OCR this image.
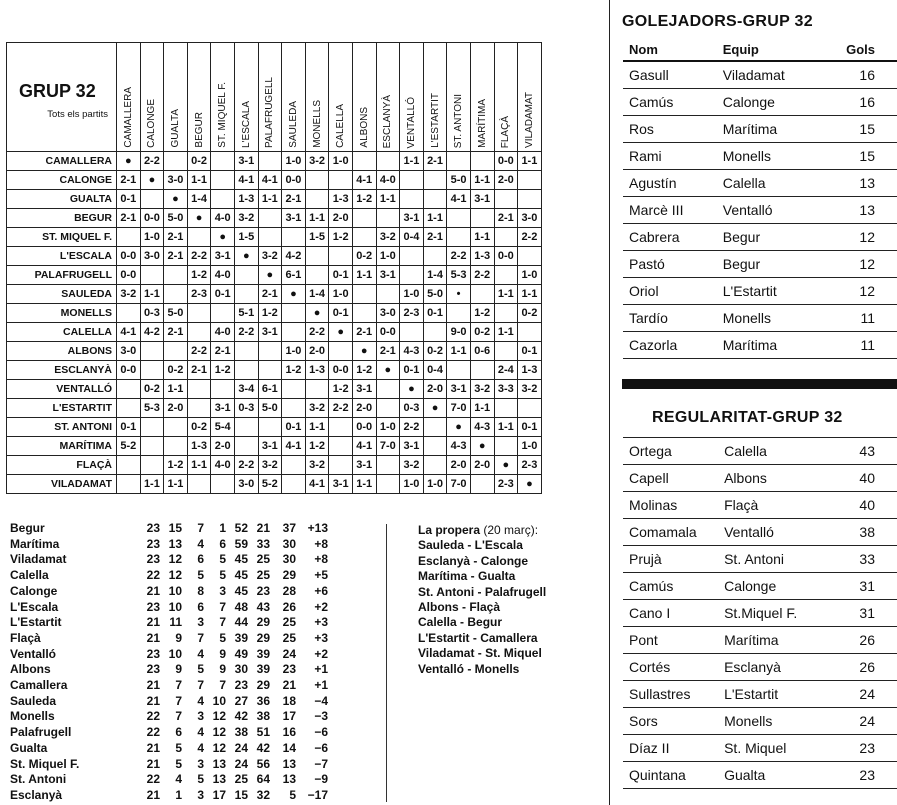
GRUP 32
Tots els partits	CAMALLERA	CALONGE	GUALTA	BEGUR	ST. MIQUEL F.	L'ESCALA	PALAFRUGELL	SAULEDA	MONELLS	CALELLA	ALBONS	ESCLANYÀ	VENTALLÓ	L'ESTARTIT	ST. ANTONI	MARÍTIMA	FLAÇÀ	VILADAMAT
CAMALLERA	●	2-2		0-2		3-1		1-0	3-2	1-0			1-1	2-1			0-0	1-1
CALONGE	2-1	●	3-0	1-1		4-1	4-1	0-0			4-1	4-0			5-0	1-1	2-0	
GUALTA	0-1		●	1-4		1-3	1-1	2-1		1-3	1-2	1-1			4-1	3-1		
BEGUR	2-1	0-0	5-0	●	4-0	3-2		3-1	1-1	2-0			3-1	1-1			2-1	3-0
ST. MIQUEL F.		1-0	2-1		●	1-5			1-5	1-2		3-2	0-4	2-1		1-1		2-2
L'ESCALA	0-0	3-0	2-1	2-2	3-1	●	3-2	4-2			0-2	1-0			2-2	1-3	0-0	
PALAFRUGELL	0-0			1-2	4-0		●	6-1		0-1	1-1	3-1		1-4	5-3	2-2		1-0
SAULEDA	3-2	1-1		2-3	0-1		2-1	●	1-4	1-0			1-0	5-0	•		1-1	1-1
MONELLS		0-3	5-0			5-1	1-2		●	0-1		3-0	2-3	0-1		1-2		0-2
CALELLA	4-1	4-2	2-1		4-0	2-2	3-1		2-2	●	2-1	0-0			9-0	0-2	1-1	
ALBONS	3-0			2-2	2-1			1-0	2-0		●	2-1	4-3	0-2	1-1	0-6		0-1
ESCLANYÀ	0-0		0-2	2-1	1-2			1-2	1-3	0-0	1-2	●	0-1	0-4			2-4	1-3
VENTALLÓ		0-2	1-1			3-4	6-1			1-2	3-1		●	2-0	3-1	3-2	3-3	3-2
L'ESTARTIT		5-3	2-0		3-1	0-3	5-0		3-2	2-2	2-0		0-3	●	7-0	1-1		
ST. ANTONI	0-1			0-2	5-4			0-1	1-1		0-0	1-0	2-2		●	4-3	1-1	0-1
MARÍTIMA	5-2			1-3	2-0		3-1	4-1	1-2		4-1	7-0	3-1		4-3	●		1-0
FLAÇÀ			1-2	1-1	4-0	2-2	3-2		3-2		3-1		3-2		2-0	2-0	●	2-3
VILADAMAT		1-1	1-1			3-0	5-2		4-1	3-1	1-1		1-0	1-0	7-0		2-3	●
Begur	23	15	7	1	52	21	37	+13
Marítima	23	13	4	6	59	33	30	+8
Viladamat	23	12	6	5	45	25	30	+8
Calella	22	12	5	5	45	25	29	+5
Calonge	21	10	8	3	45	23	28	+6
L'Escala	23	10	6	7	48	43	26	+2
L'Estartit	21	11	3	7	44	29	25	+3
Flaçà	21	9	7	5	39	29	25	+3
Ventalló	23	10	4	9	49	39	24	+2
Albons	23	9	5	9	30	39	23	+1
Camallera	21	7	7	7	23	29	21	+1
Sauleda	21	7	4	10	27	36	18	−4
Monells	22	7	3	12	42	38	17	−3
Palafrugell	22	6	4	12	38	51	16	−6
Gualta	21	5	4	12	24	42	14	−6
St. Miquel F.	21	5	3	13	24	56	13	−7
St. Antoni	22	4	5	13	25	64	13	−9
Esclanyà	21	1	3	17	15	32	5	−17
La propera (20 març):
Sauleda - L'Escala
Esclanyà - Calonge
Marítima - Gualta
St. Antoni - Palafrugell
Albons - Flaçà
Calella - Begur
L'Estartit - Camallera
Viladamat - St. Miquel
Ventalló - Monells
GOLEJADORS-GRUP 32
Nom	Equip	Gols
Gasull	Viladamat	16
Camús	Calonge	16
Ros	Marítima	15
Rami	Monells	15
Agustín	Calella	13
Marcè III	Ventalló	13
Cabrera	Begur	12
Pastó	Begur	12
Oriol	L'Estartit	12
Tardío	Monells	11
Cazorla	Marítima	11
REGULARITAT-GRUP 32
Ortega	Calella	43
Capell	Albons	40
Molinas	Flaçà	40
Comamala	Ventalló	38
Prujà	St. Antoni	33
Camús	Calonge	31
Cano I	St.Miquel F.	31
Pont	Marítima	26
Cortés	Esclanyà	26
Sullastres	L'Estartit	24
Sors	Monells	24
Díaz II	St. Miquel	23
Quintana	Gualta	23
